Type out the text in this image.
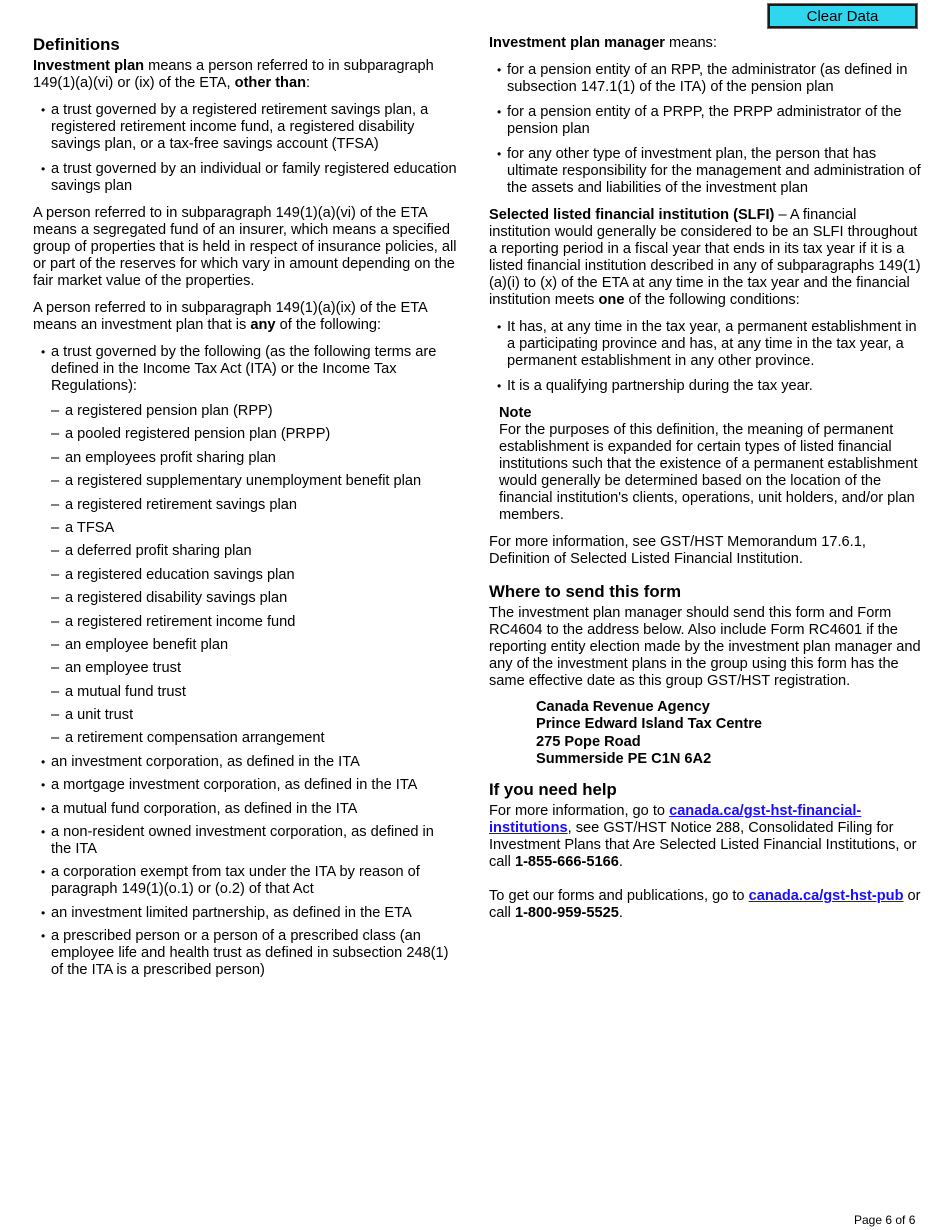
Clear Data
Definitions

Investment plan means a person referred to in subparagraph 149(1)(a)(vi) or (ix) of the ETA, other than:

• a trust governed by a registered retirement savings plan, a registered retirement income fund, a registered disability savings plan, or a tax-free savings account (TFSA)
• a trust governed by an individual or family registered education savings plan

A person referred to in subparagraph 149(1)(a)(vi) of the ETA means a segregated fund of an insurer, which means a specified group of properties that is held in respect of insurance policies, all or part of the reserves for which vary in amount depending on the fair market value of the properties.

A person referred to in subparagraph 149(1)(a)(ix) of the ETA means an investment plan that is any of the following:

• a trust governed by the following (as the following terms are defined in the Income Tax Act (ITA) or the Income Tax Regulations):
– a registered pension plan (RPP)
– a pooled registered pension plan (PRPP)
– an employees profit sharing plan
– a registered supplementary unemployment benefit plan
– a registered retirement savings plan
– a TFSA
– a deferred profit sharing plan
– a registered education savings plan
– a registered disability savings plan
– a registered retirement income fund
– an employee benefit plan
– an employee trust
– a mutual fund trust
– a unit trust
– a retirement compensation arrangement
• an investment corporation, as defined in the ITA
• a mortgage investment corporation, as defined in the ITA
• a mutual fund corporation, as defined in the ITA
• a non-resident owned investment corporation, as defined in the ITA
• a corporation exempt from tax under the ITA by reason of paragraph 149(1)(o.1) or (o.2) of that Act
• an investment limited partnership, as defined in the ETA
• a prescribed person or a person of a prescribed class (an employee life and health trust as defined in subsection 248(1) of the ITA is a prescribed person)

Investment plan manager means:

• for a pension entity of an RPP, the administrator (as defined in subsection 147.1(1) of the ITA) of the pension plan
• for a pension entity of a PRPP, the PRPP administrator of the pension plan
• for any other type of investment plan, the person that has ultimate responsibility for the management and administration of the assets and liabilities of the investment plan

Selected listed financial institution (SLFI) – A financial institution would generally be considered to be an SLFI throughout a reporting period in a fiscal year that ends in its tax year if it is a listed financial institution described in any of subparagraphs 149(1)(a)(i) to (x) of the ETA at any time in the tax year and the financial institution meets one of the following conditions:

• It has, at any time in the tax year, a permanent establishment in a participating province and has, at any time in the tax year, a permanent establishment in any other province.
• It is a qualifying partnership during the tax year.
Note
For the purposes of this definition, the meaning of permanent establishment is expanded for certain types of listed financial institutions such that the existence of a permanent establishment would generally be determined based on the location of the financial institution's clients, operations, unit holders, and/or plan members.

For more information, see GST/HST Memorandum 17.6.1, Definition of Selected Listed Financial Institution.

Where to send this form

The investment plan manager should send this form and Form RC4604 to the address below. Also include Form RC4601 if the reporting entity election made by the investment plan manager and any of the investment plans in the group using this form has the same effective date as this group GST/HST registration.

Canada Revenue Agency
Prince Edward Island Tax Centre
275 Pope Road
Summerside PE C1N 6A2
If you need help

For more information, go to canada.ca/gst-hst-financial-institutions, see GST/HST Notice 288, Consolidated Filing for Investment Plans that Are Selected Listed Financial Institutions, or call 1-855-666-5166.

To get our forms and publications, go to canada.ca/gst-hst-pub or call 1-800-959-5525.

Page 6 of 6
